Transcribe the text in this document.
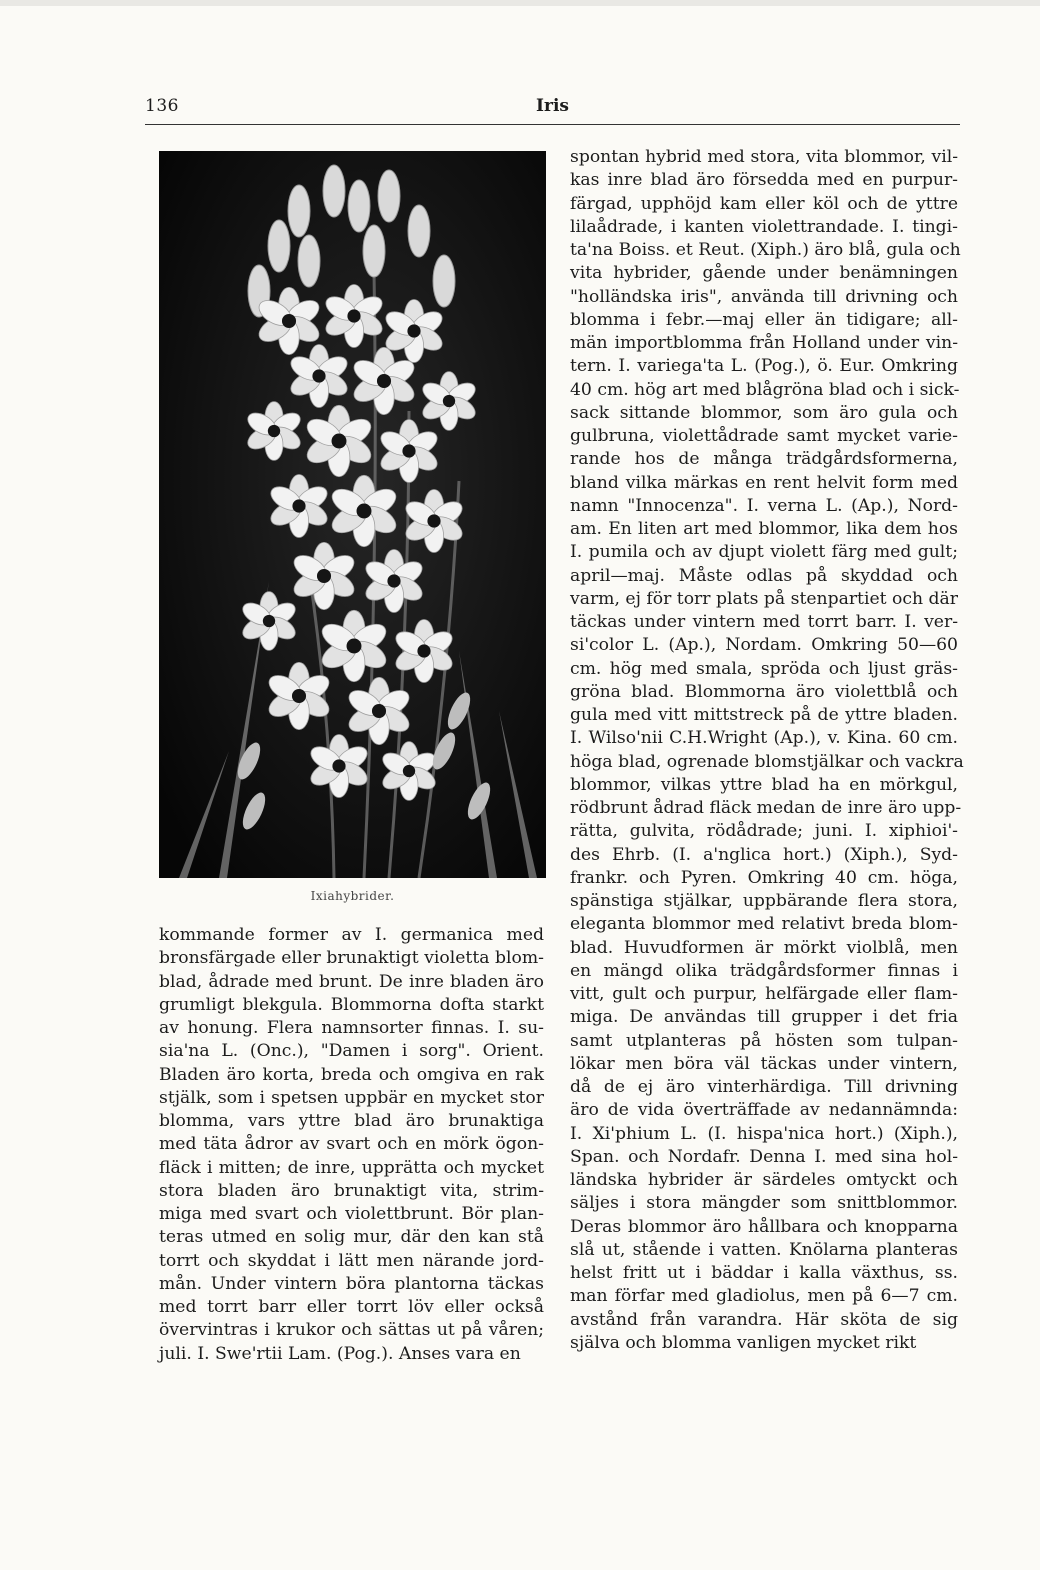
136	Iris
Ixiahybrider.
kommande former av I. germanica med
bronsfärgade eller brunaktigt violetta blom-
blad, ådrade med brunt. De inre bladen äro
grumligt blekgula. Blommorna dofta starkt
av honung. Flera namnsorter finnas. I. su-
sia'na L. (Onc.), "Damen i sorg". Orient.
Bladen äro korta, breda och omgiva en rak
stjälk, som i spetsen uppbär en mycket stor
blomma, vars yttre blad äro brunaktiga
med täta ådror av svart och en mörk ögon-
fläck i mitten; de inre, upprätta och mycket
stora bladen äro brunaktigt vita, strim-
miga med svart och violettbrunt. Bör plan-
teras utmed en solig mur, där den kan stå
torrt och skyddat i lätt men närande jord-
mån. Under vintern böra plantorna täckas
med torrt barr eller torrt löv eller också
övervintras i krukor och sättas ut på våren;
juli. I. Swe'rtii Lam. (Pog.). Anses vara en
spontan hybrid med stora, vita blommor, vil-
kas inre blad äro försedda med en purpur-
färgad, upphöjd kam eller köl och de yttre
lilaådrade, i kanten violettrandade. I. tingi-
ta'na Boiss. et Reut. (Xiph.) äro blå, gula och
vita hybrider, gående under benämningen
"holländska iris", använda till drivning och
blomma i febr.—maj eller än tidigare; all-
män importblomma från Holland under vin-
tern. I. variega'ta L. (Pog.), ö. Eur. Omkring
40 cm. hög art med blågröna blad och i sick-
sack sittande blommor, som äro gula och
gulbruna, violettådrade samt mycket varie-
rande hos de många trädgårdsformerna,
bland vilka märkas en rent helvit form med
namn "Innocenza". I. verna L. (Ap.), Nord-
am. En liten art med blommor, lika dem hos
I. pumila och av djupt violett färg med gult;
april—maj. Måste odlas på skyddad och
varm, ej för torr plats på stenpartiet och där
täckas under vintern med torrt barr. I. ver-
si'color L. (Ap.), Nordam. Omkring 50—60
cm. hög med smala, spröda och ljust gräs-
gröna blad. Blommorna äro violettblå och
gula med vitt mittstreck på de yttre bladen.
I. Wilso'nii C.H.Wright (Ap.), v. Kina. 60 cm.
höga blad, ogrenade blomstjälkar och vackra
blommor, vilkas yttre blad ha en mörkgul,
rödbrunt ådrad fläck medan de inre äro upp-
rätta, gulvita, rödådrade; juni. I. xiphioi'-
des Ehrb. (I. a'nglica hort.) (Xiph.), Syd-
frankr. och Pyren. Omkring 40 cm. höga,
spänstiga stjälkar, uppbärande flera stora,
eleganta blommor med relativt breda blom-
blad. Huvudformen är mörkt violblå, men
en mängd olika trädgårdsformer finnas i
vitt, gult och purpur, helfärgade eller flam-
miga. De användas till grupper i det fria
samt utplanteras på hösten som tulpan-
lökar men böra väl täckas under vintern,
då de ej äro vinterhärdiga. Till drivning
äro de vida överträffade av nedannämnda:
I. Xi'phium L. (I. hispa'nica hort.) (Xiph.),
Span. och Nordafr. Denna I. med sina hol-
ländska hybrider är särdeles omtyckt och
säljes i stora mängder som snittblommor.
Deras blommor äro hållbara och knopparna
slå ut, stående i vatten. Knölarna planteras
helst fritt ut i bäddar i kalla växthus, ss.
man förfar med gladiolus, men på 6—7 cm.
avstånd från varandra. Här sköta de sig
själva och blomma vanligen mycket rikt
